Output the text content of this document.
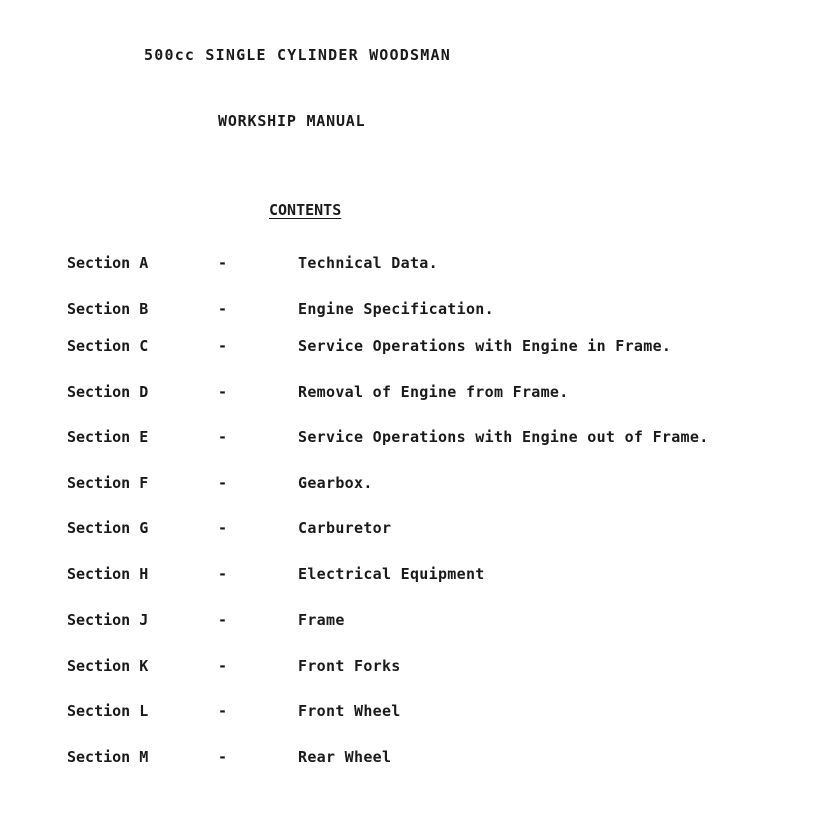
500cc SINGLE CYLINDER WOODSMAN
WORKSHIP MANUAL
CONTENTS
Section A	-	Technical Data.
Section B	-	Engine Specification.
Section C	-	Service Operations with Engine in Frame.
Section D	-	Removal of Engine from Frame.
Section E	-	Service Operations with Engine out of Frame.
Section F	-	Gearbox.
Section G	-	Carburetor
Section H	-	Electrical Equipment
Section J	-	Frame
Section K	-	Front Forks
Section L	-	Front Wheel
Section M	-	Rear Wheel
